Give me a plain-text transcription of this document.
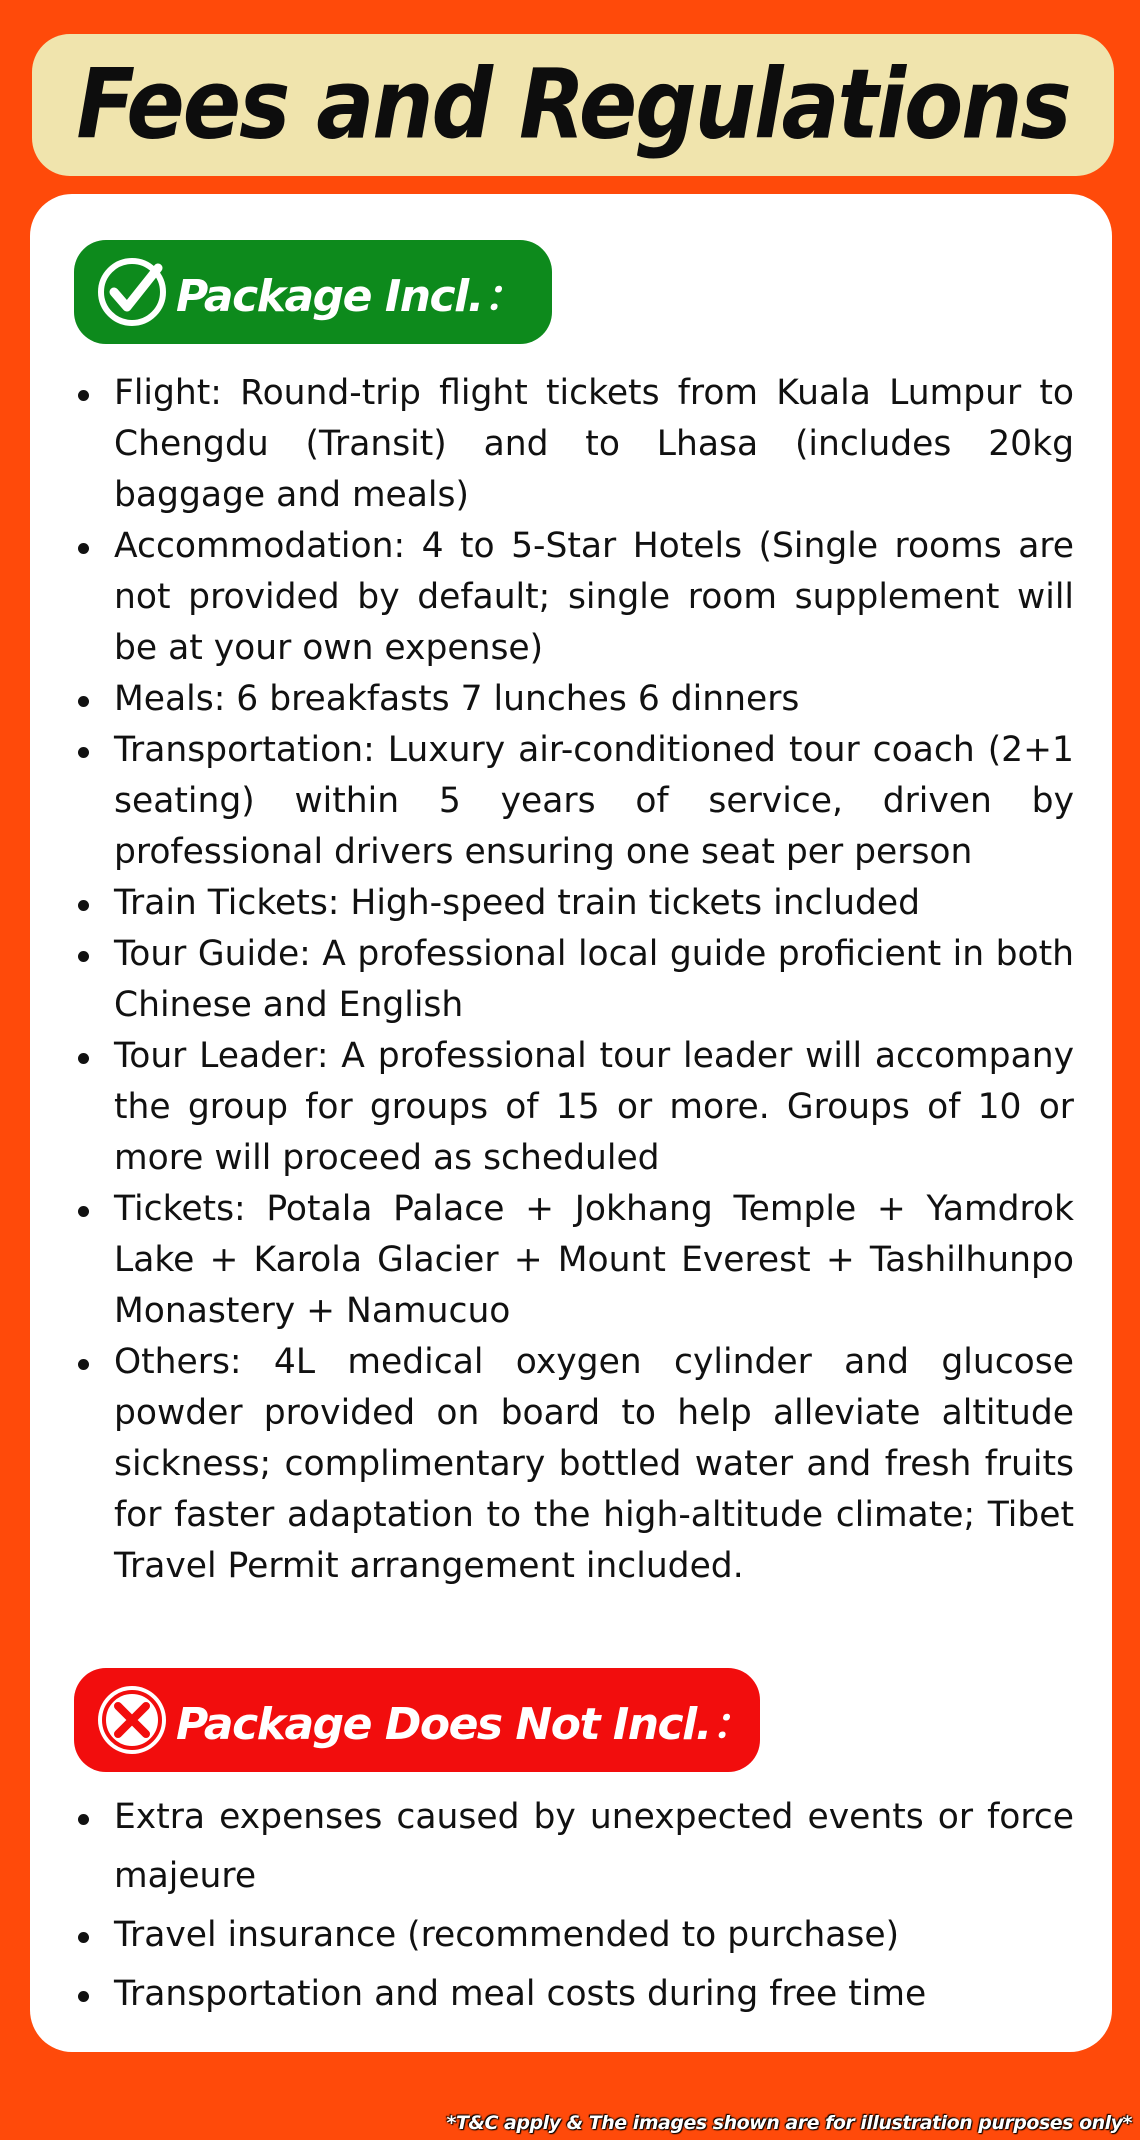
Fees and Regulations
Package Incl.：
Flight: Round-trip flight tickets from Kuala Lumpur to Chengdu (Transit) and to Lhasa (includes 20kg baggage and meals)
Accommodation: 4 to 5-Star Hotels (Single rooms are not provided by default; single room supplement will be at your own expense)
Meals: 6 breakfasts 7 lunches 6 dinners
Transportation: Luxury air-conditioned tour coach (2+1 seating) within 5 years of service, driven by professional drivers ensuring one seat per person
Train Tickets: High-speed train tickets included
Tour Guide: A professional local guide proficient in both Chinese and English
Tour Leader: A professional tour leader will accompany the group for groups of 15 or more. Groups of 10 or more will proceed as scheduled
Tickets: Potala Palace + Jokhang Temple + Yamdrok Lake + Karola Glacier + Mount Everest + Tashilhunpo Monastery + Namucuo
Others: 4L medical oxygen cylinder and glucose powder provided on board to help alleviate altitude sickness; complimentary bottled water and fresh fruits for faster adaptation to the high-altitude climate; Tibet Travel Permit arrangement included.
Package Does Not Incl.：
Extra expenses caused by unexpected events or force majeure
Travel insurance (recommended to purchase)
Transportation and meal costs during free time
*T&C apply & The images shown are for illustration purposes only*
